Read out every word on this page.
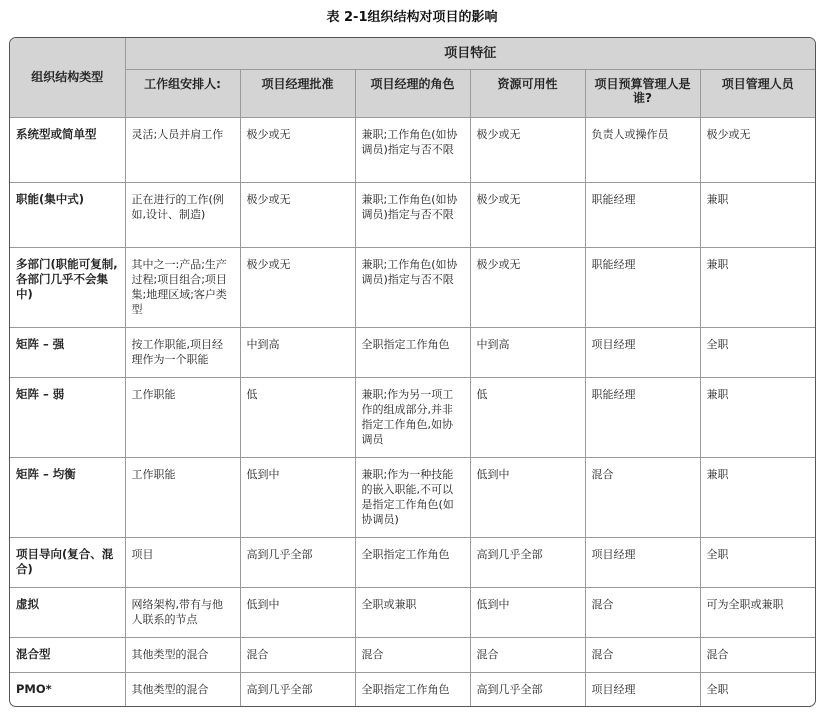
表 2-1组织结构对项目的影响
组织结构类型	项目特征					
	工作组安排人:	项目经理批准	项目经理的角色	资源可用性	项目预算管理人是谁?	项目管理人员
系统型或简单型	灵活;人员并肩工作	极少或无	兼职;工作角色(如协调员)指定与否不限	极少或无	负责人或操作员	极少或无
职能(集中式)	正在进行的工作(例如,设计、制造)	极少或无	兼职;工作角色(如协调员)指定与否不限	极少或无	职能经理	兼职
多部门(职能可复制,各部门几乎不会集中)	其中之一:产品;生产过程;项目组合;项目集;地理区域;客户类型	极少或无	兼职;工作角色(如协调员)指定与否不限	极少或无	职能经理	兼职
矩阵 – 强	按工作职能,项目经理作为一个职能	中到高	全职指定工作角色	中到高	项目经理	全职
矩阵 – 弱	工作职能	低	兼职;作为另一项工作的组成部分,并非指定工作角色,如协调员	低	职能经理	兼职
矩阵 – 均衡	工作职能	低到中	兼职;作为一种技能的嵌入职能,不可以是指定工作角色(如协调员)	低到中	混合	兼职
项目导向(复合、混合)	项目	高到几乎全部	全职指定工作角色	高到几乎全部	项目经理	全职
虚拟	网络架构,带有与他人联系的节点	低到中	全职或兼职	低到中	混合	可为全职或兼职
混合型	其他类型的混合	混合	混合	混合	混合	混合
PMO*	其他类型的混合	高到几乎全部	全职指定工作角色	高到几乎全部	项目经理	全职
